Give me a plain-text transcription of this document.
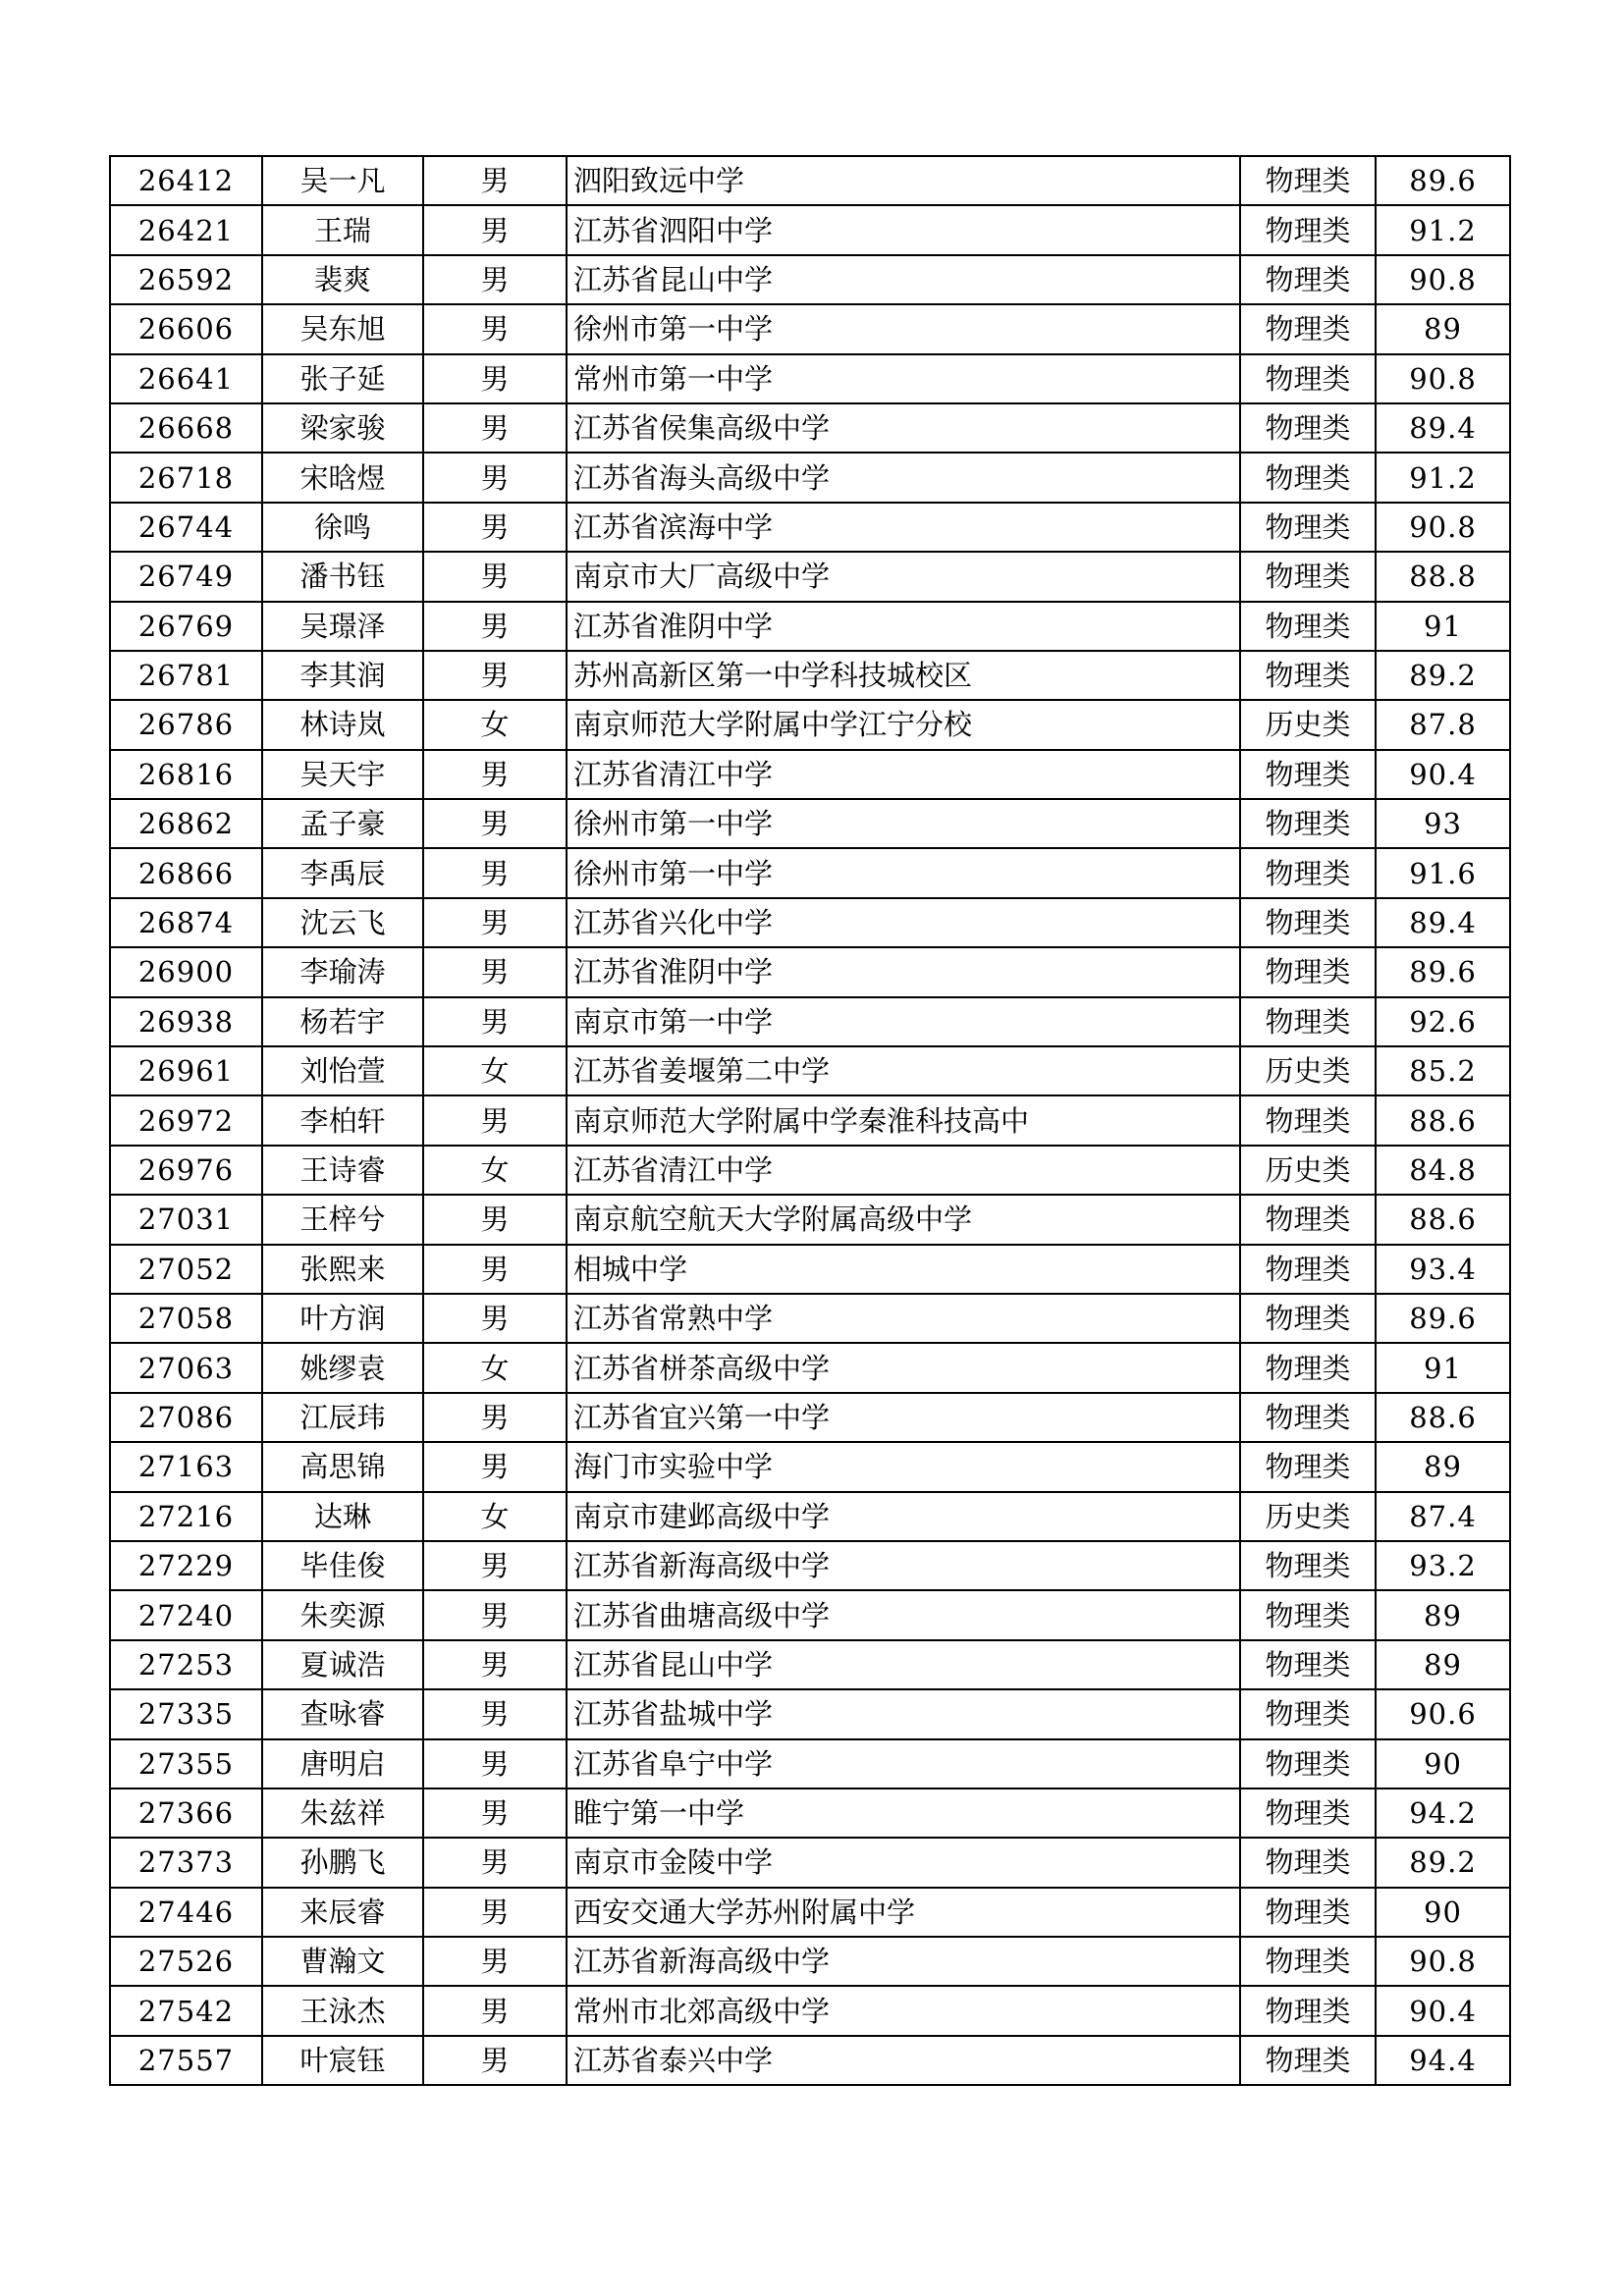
26412	吴一凡	男	泗阳致远中学	物理类	89.6
26421	王瑞	男	江苏省泗阳中学	物理类	91.2
26592	裴爽	男	江苏省昆山中学	物理类	90.8
26606	吴东旭	男	徐州市第一中学	物理类	89
26641	张子延	男	常州市第一中学	物理类	90.8
26668	梁家骏	男	江苏省侯集高级中学	物理类	89.4
26718	宋晗煜	男	江苏省海头高级中学	物理类	91.2
26744	徐鸣	男	江苏省滨海中学	物理类	90.8
26749	潘书钰	男	南京市大厂高级中学	物理类	88.8
26769	吴璟泽	男	江苏省淮阴中学	物理类	91
26781	李其润	男	苏州高新区第一中学科技城校区	物理类	89.2
26786	林诗岚	女	南京师范大学附属中学江宁分校	历史类	87.8
26816	吴天宇	男	江苏省清江中学	物理类	90.4
26862	孟子豪	男	徐州市第一中学	物理类	93
26866	李禹辰	男	徐州市第一中学	物理类	91.6
26874	沈云飞	男	江苏省兴化中学	物理类	89.4
26900	李瑜涛	男	江苏省淮阴中学	物理类	89.6
26938	杨若宇	男	南京市第一中学	物理类	92.6
26961	刘怡萱	女	江苏省姜堰第二中学	历史类	85.2
26972	李柏轩	男	南京师范大学附属中学秦淮科技高中	物理类	88.6
26976	王诗睿	女	江苏省清江中学	历史类	84.8
27031	王梓兮	男	南京航空航天大学附属高级中学	物理类	88.6
27052	张熙来	男	相城中学	物理类	93.4
27058	叶方润	男	江苏省常熟中学	物理类	89.6
27063	姚缪袁	女	江苏省栟茶高级中学	物理类	91
27086	江辰玮	男	江苏省宜兴第一中学	物理类	88.6
27163	高思锦	男	海门市实验中学	物理类	89
27216	达琳	女	南京市建邺高级中学	历史类	87.4
27229	毕佳俊	男	江苏省新海高级中学	物理类	93.2
27240	朱奕源	男	江苏省曲塘高级中学	物理类	89
27253	夏诚浩	男	江苏省昆山中学	物理类	89
27335	查咏睿	男	江苏省盐城中学	物理类	90.6
27355	唐明启	男	江苏省阜宁中学	物理类	90
27366	朱兹祥	男	睢宁第一中学	物理类	94.2
27373	孙鹏飞	男	南京市金陵中学	物理类	89.2
27446	来辰睿	男	西安交通大学苏州附属中学	物理类	90
27526	曹瀚文	男	江苏省新海高级中学	物理类	90.8
27542	王泳杰	男	常州市北郊高级中学	物理类	90.4
27557	叶宸钰	男	江苏省泰兴中学	物理类	94.4
